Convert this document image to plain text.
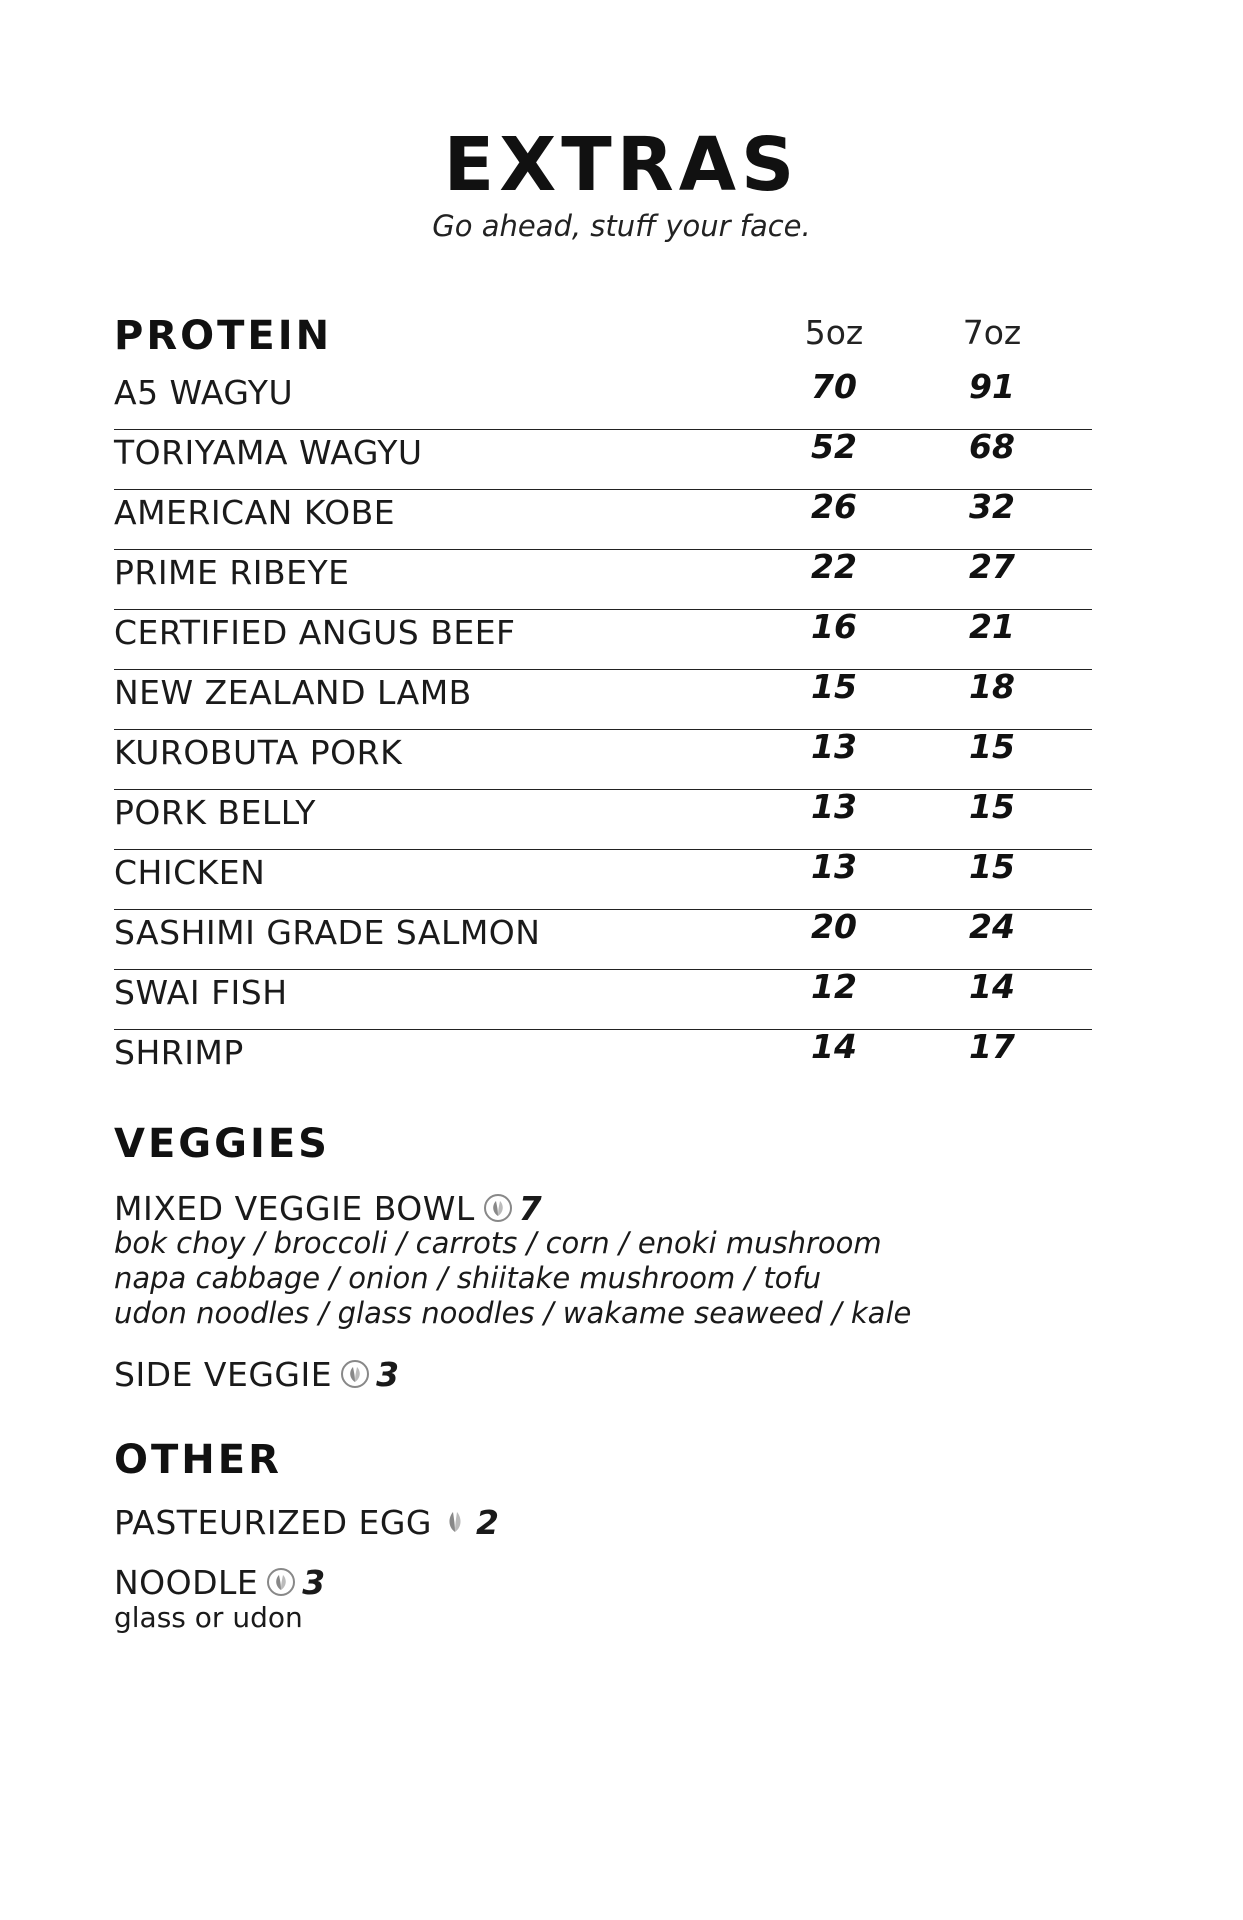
EXTRAS
Go ahead, stuff your face.
PROTEIN	5oz	7oz
A5 WAGYU	70	91
TORIYAMA WAGYU	52	68
AMERICAN KOBE	26	32
PRIME RIBEYE	22	27
CERTIFIED ANGUS BEEF	16	21
NEW ZEALAND LAMB	15	18
KUROBUTA PORK	13	15
PORK BELLY	13	15
CHICKEN	13	15
SASHIMI GRADE SALMON	20	24
SWAI FISH	12	14
SHRIMP	14	17
VEGGIES
MIXED VEGGIE BOWL 7
bok choy / broccoli / carrots / corn / enoki mushroom
napa cabbage / onion / shiitake mushroom / tofu
udon noodles / glass noodles / wakame seaweed / kale
SIDE VEGGIE 3
OTHER
PASTEURIZED EGG 2
NOODLE 3
glass or udon
